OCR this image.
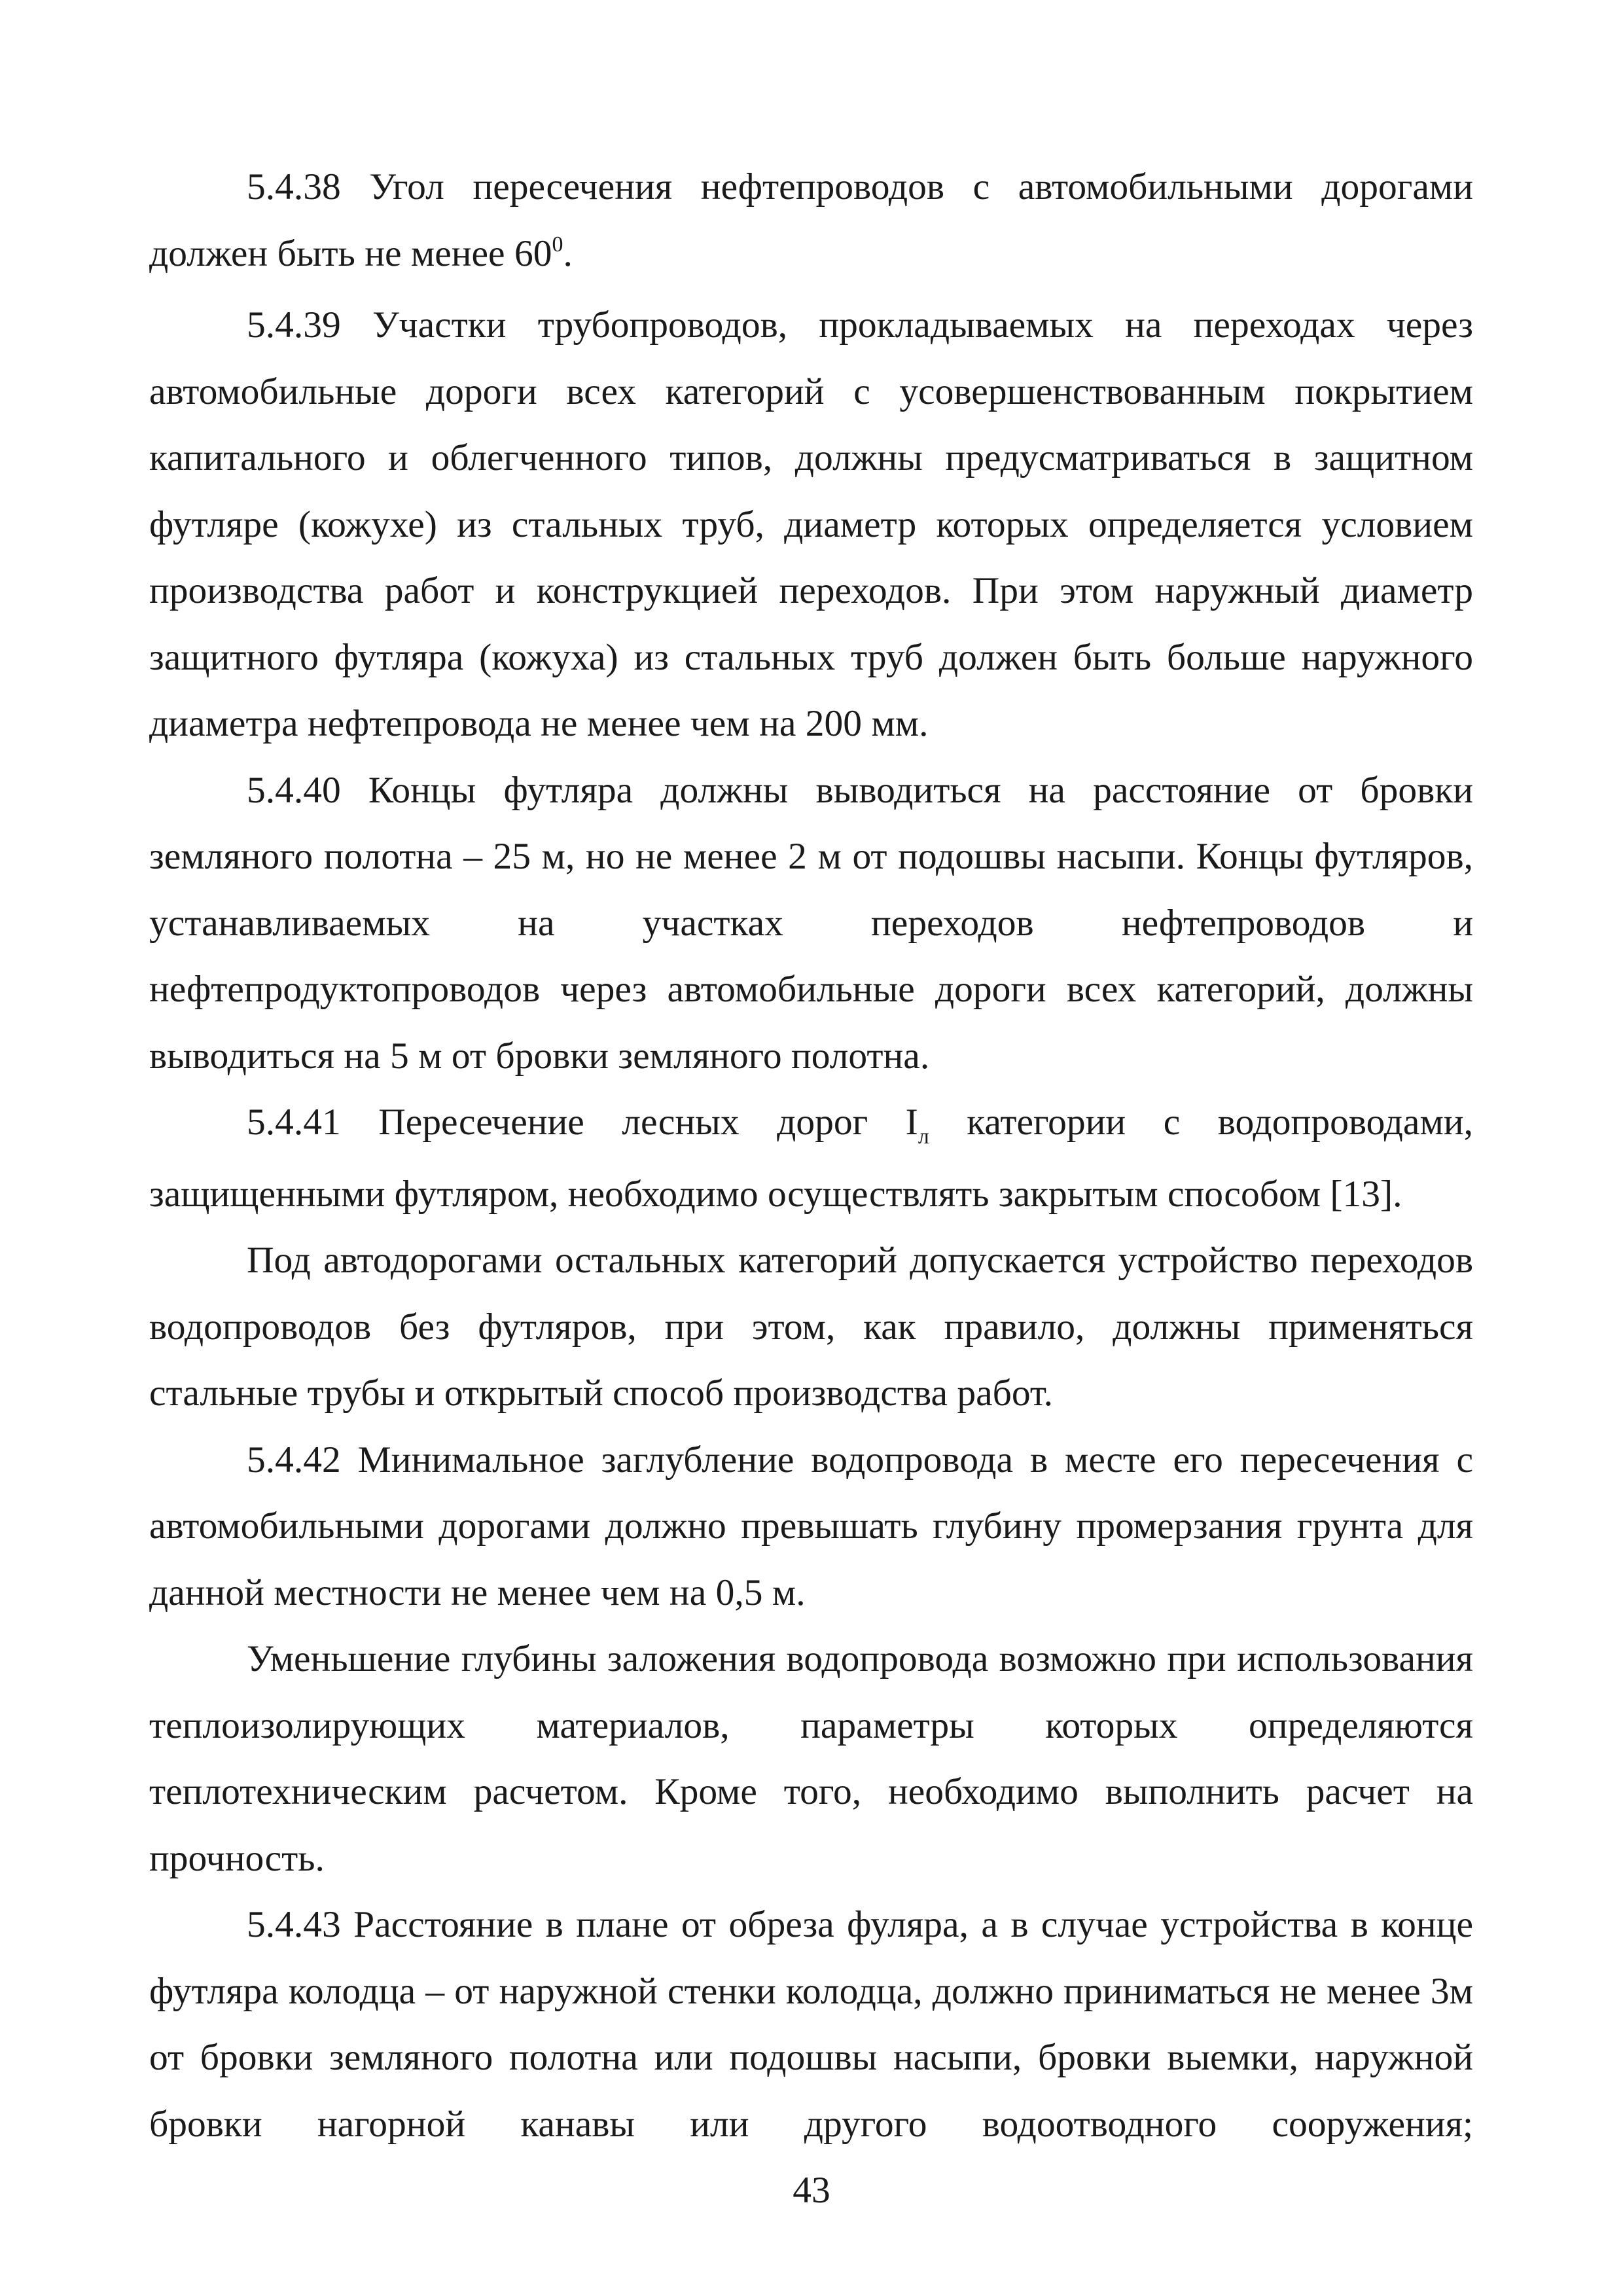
5.4.38 Угол пересечения нефтепроводов с автомобильными дорогами должен быть не менее $60^0$.

5.4.39 Участки трубопроводов, прокладываемых на переходах через автомобильные дороги всех категорий с усовершенствованным покрытием капитального и облегченного типов, должны предусматриваться в защитном футляре (кожухе) из стальных труб, диаметр которых определяется условием производства работ и конструкцией переходов. При этом наружный диаметр защитного футляра (кожуха) из стальных труб должен быть больше наружного диаметра нефтепровода не менее чем на 200 мм.

5.4.40 Концы футляра должны выводиться на расстояние от бровки земляного полотна – 25 м, но не менее 2 м от подошвы насыпи. Концы футляров, устанавливаемых на участках переходов нефтепроводов и нефтепродуктопроводов через автомобильные дороги всех категорий, должны выводиться на 5 м от бровки земляного полотна.

5.4.41 Пересечение лесных дорог $I_л$ категории с водопроводами, защищенными футляром, необходимо осуществлять закрытым способом [13].

Под автодорогами остальных категорий допускается устройство переходов водопроводов без футляров, при этом, как правило, должны применяться стальные трубы и открытый способ производства работ.

5.4.42 Минимальное заглубление водопровода в месте его пересечения с автомобильными дорогами должно превышать глубину промерзания грунта для данной местности не менее чем на 0,5 м.

Уменьшение глубины заложения водопровода возможно при использования теплоизолирующих материалов, параметры которых определяются теплотехническим расчетом. Кроме того, необходимо выполнить расчет на прочность.

5.4.43 Расстояние в плане от обреза фуляра, а в случае устройства в конце футляра колодца – от наружной стенки колодца, должно приниматься не менее 3м от бровки земляного полотна или подошвы насыпи, бровки выемки, наружной бровки нагорной канавы или другого водоотводного сооружения;

43
